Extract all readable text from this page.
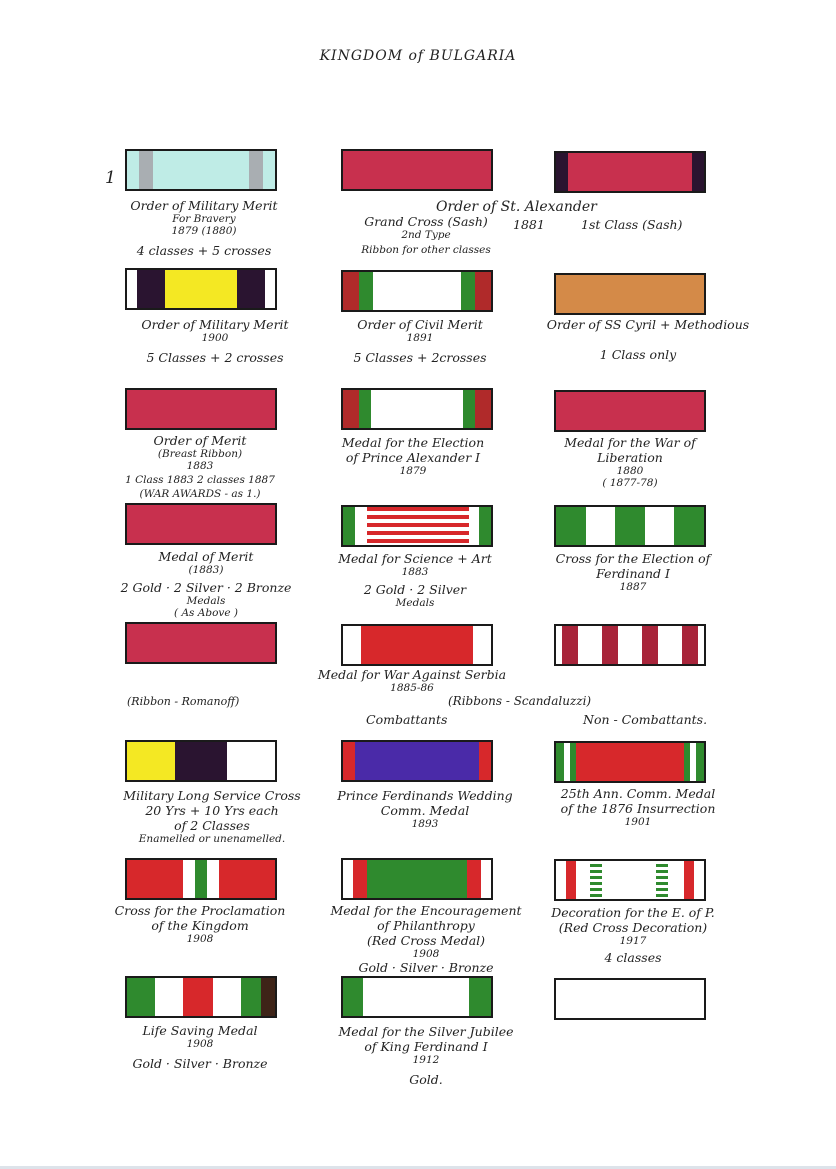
KINGDOM of BULGARIA
1
Order of Military Merit
For Bravery
1879 (1880)
4 classes + 5 crosses
Order of St. Alexander
Grand Cross (Sash)
2nd Type
Ribbon for other classes
1881	1st Class (Sash)
Order of Military Merit
1900
5 Classes + 2 crosses
Order of Civil Merit
1891
5 Classes + 2crosses
Order of SS Cyril + Methodious
1 Class only
Order of Merit
(Breast Ribbon)
1883
1 Class 1883 2 classes 1887
(WAR AWARDS - as 1.)
Medal for the Election
of Prince Alexander I
1879
Medal for the War of
Liberation
1880
( 1877-78)
Medal of Merit
(1883)
2 Gold · 2 Silver · 2 Bronze
Medals
( As Above )
Medal for Science + Art
1883
2 Gold · 2 Silver
Medals
Cross for the Election of
Ferdinand I
1887
(Ribbon - Romanoff)
Medal for War Against Serbia
1885-86
(Ribbons - Scandaluzzi)
Combattants	Non - Combattants.
Military Long Service Cross
20 Yrs + 10 Yrs each
of 2 Classes
Enamelled or unenamelled.
Prince Ferdinands Wedding
Comm. Medal
1893
25th Ann. Comm. Medal
of the 1876 Insurrection
1901
Cross for the Proclamation
of the Kingdom
1908
Medal for the Encouragement
of Philanthropy
(Red Cross Medal)
1908
Gold · Silver · Bronze
Decoration for the E. of P.
(Red Cross Decoration)
1917
4 classes
Life Saving Medal
1908
Gold · Silver · Bronze
Medal for the Silver Jubilee
of King Ferdinand I
1912
Gold.
